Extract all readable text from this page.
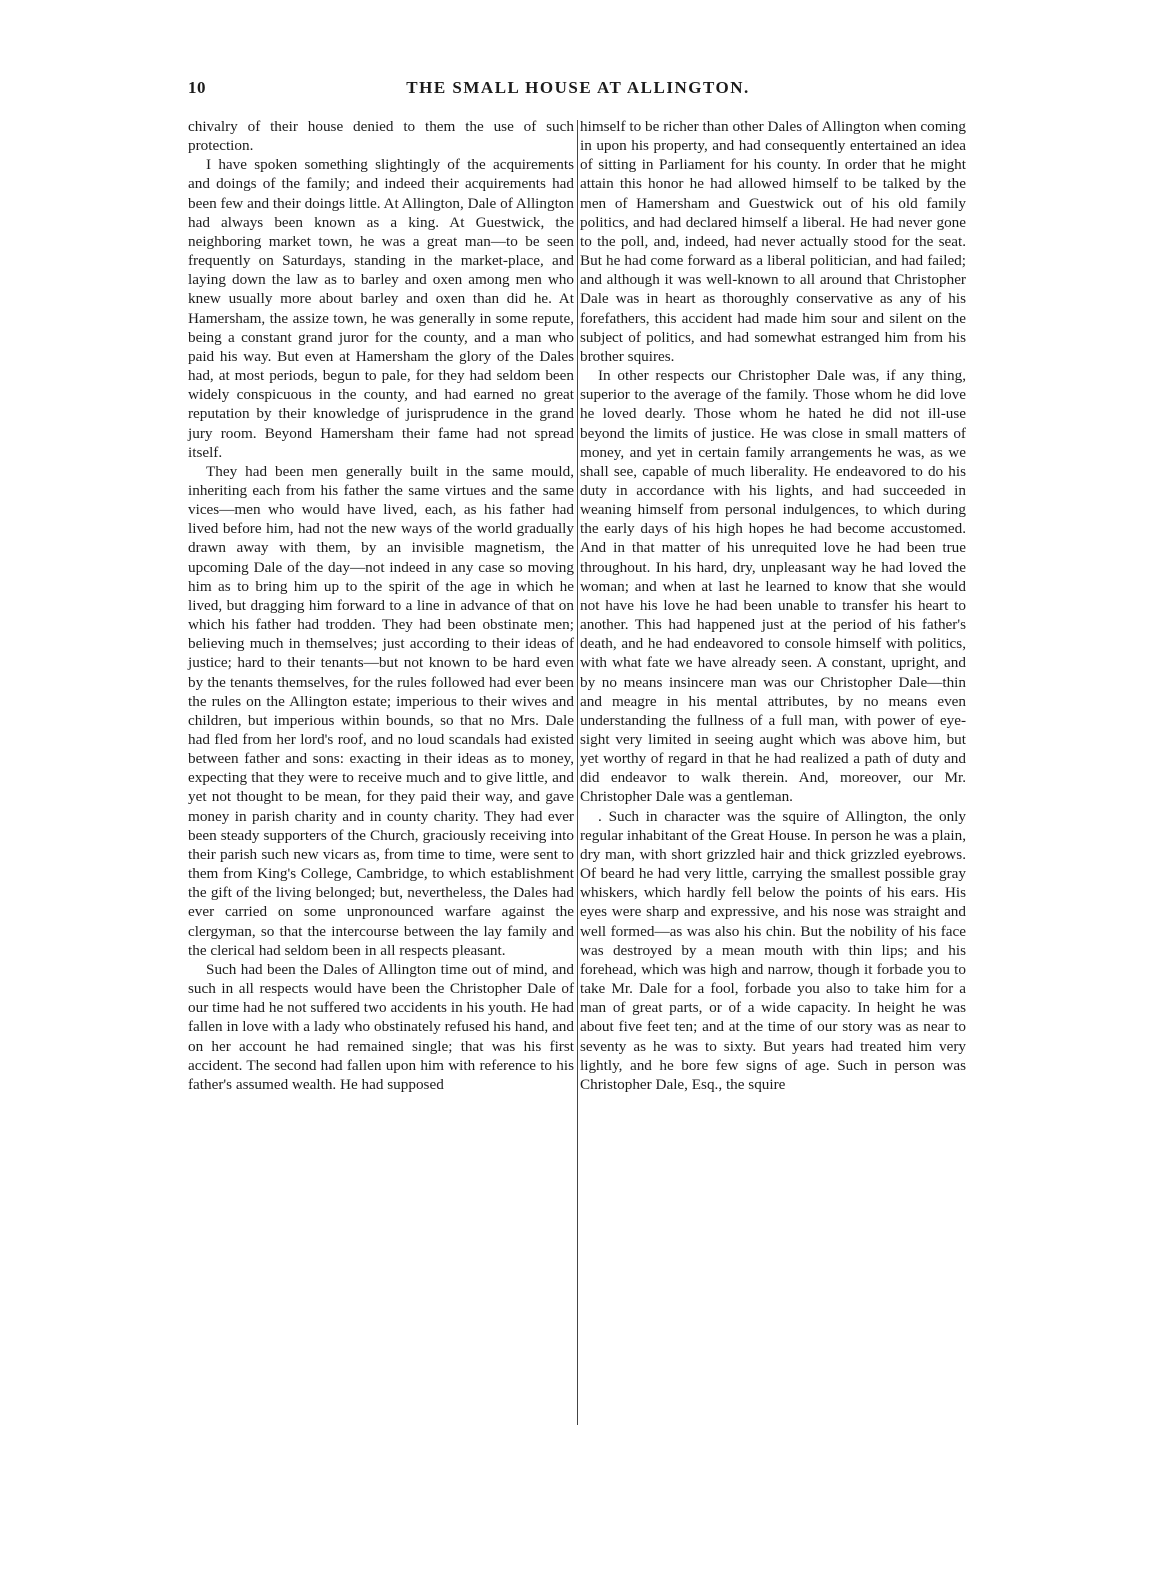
10	THE SMALL HOUSE AT ALLINGTON.

chivalry of their house denied to them the use of such protection.

I have spoken something slightingly of the acquirements and doings of the family; and indeed their acquirements had been few and their doings little. At Allington, Dale of Allington had always been known as a king. At Guestwick, the neighboring market town, he was a great man—to be seen frequently on Saturdays, standing in the market-place, and laying down the law as to barley and oxen among men who knew usually more about barley and oxen than did he. At Hamersham, the assize town, he was generally in some repute, being a constant grand juror for the county, and a man who paid his way. But even at Hamersham the glory of the Dales had, at most periods, begun to pale, for they had seldom been widely conspicuous in the county, and had earned no great reputation by their knowledge of jurisprudence in the grand jury room. Beyond Hamersham their fame had not spread itself.

They had been men generally built in the same mould, inheriting each from his father the same virtues and the same vices—men who would have lived, each, as his father had lived before him, had not the new ways of the world gradually drawn away with them, by an invisible magnetism, the upcoming Dale of the day—not indeed in any case so moving him as to bring him up to the spirit of the age in which he lived, but dragging him forward to a line in advance of that on which his father had trodden. They had been obstinate men; believing much in themselves; just according to their ideas of justice; hard to their tenants—but not known to be hard even by the tenants themselves, for the rules followed had ever been the rules on the Allington estate; imperious to their wives and children, but imperious within bounds, so that no Mrs. Dale had fled from her lord's roof, and no loud scandals had existed between father and sons: exacting in their ideas as to money, expecting that they were to receive much and to give little, and yet not thought to be mean, for they paid their way, and gave money in parish charity and in county charity. They had ever been steady supporters of the Church, graciously receiving into their parish such new vicars as, from time to time, were sent to them from King's College, Cambridge, to which establishment the gift of the living belonged; but, nevertheless, the Dales had ever carried on some unpronounced warfare against the clergyman, so that the intercourse between the lay family and the clerical had seldom been in all respects pleasant.

Such had been the Dales of Allington time out of mind, and such in all respects would have been the Christopher Dale of our time had he not suffered two accidents in his youth. He had fallen in love with a lady who obstinately refused his hand, and on her account he had remained single; that was his first accident. The second had fallen upon him with reference to his father's assumed wealth. He had supposed

himself to be richer than other Dales of Allington when coming in upon his property, and had consequently entertained an idea of sitting in Parliament for his county. In order that he might attain this honor he had allowed himself to be talked by the men of Hamersham and Guestwick out of his old family politics, and had declared himself a liberal. He had never gone to the poll, and, indeed, had never actually stood for the seat. But he had come forward as a liberal politician, and had failed; and although it was well-known to all around that Christopher Dale was in heart as thoroughly conservative as any of his forefathers, this accident had made him sour and silent on the subject of politics, and had somewhat estranged him from his brother squires.

In other respects our Christopher Dale was, if any thing, superior to the average of the family. Those whom he did love he loved dearly. Those whom he hated he did not ill-use beyond the limits of justice. He was close in small matters of money, and yet in certain family arrangements he was, as we shall see, capable of much liberality. He endeavored to do his duty in accordance with his lights, and had succeeded in weaning himself from personal indulgences, to which during the early days of his high hopes he had become accustomed. And in that matter of his unrequited love he had been true throughout. In his hard, dry, unpleasant way he had loved the woman; and when at last he learned to know that she would not have his love he had been unable to transfer his heart to another. This had happened just at the period of his father's death, and he had endeavored to console himself with politics, with what fate we have already seen. A constant, upright, and by no means insincere man was our Christopher Dale—thin and meagre in his mental attributes, by no means even understanding the fullness of a full man, with power of eye-sight very limited in seeing aught which was above him, but yet worthy of regard in that he had realized a path of duty and did endeavor to walk therein. And, moreover, our Mr. Christopher Dale was a gentleman.

. Such in character was the squire of Allington, the only regular inhabitant of the Great House. In person he was a plain, dry man, with short grizzled hair and thick grizzled eyebrows. Of beard he had very little, carrying the smallest possible gray whiskers, which hardly fell below the points of his ears. His eyes were sharp and expressive, and his nose was straight and well formed—as was also his chin. But the nobility of his face was destroyed by a mean mouth with thin lips; and his forehead, which was high and narrow, though it forbade you to take Mr. Dale for a fool, forbade you also to take him for a man of great parts, or of a wide capacity. In height he was about five feet ten; and at the time of our story was as near to seventy as he was to sixty. But years had treated him very lightly, and he bore few signs of age. Such in person was Christopher Dale, Esq., the squire
